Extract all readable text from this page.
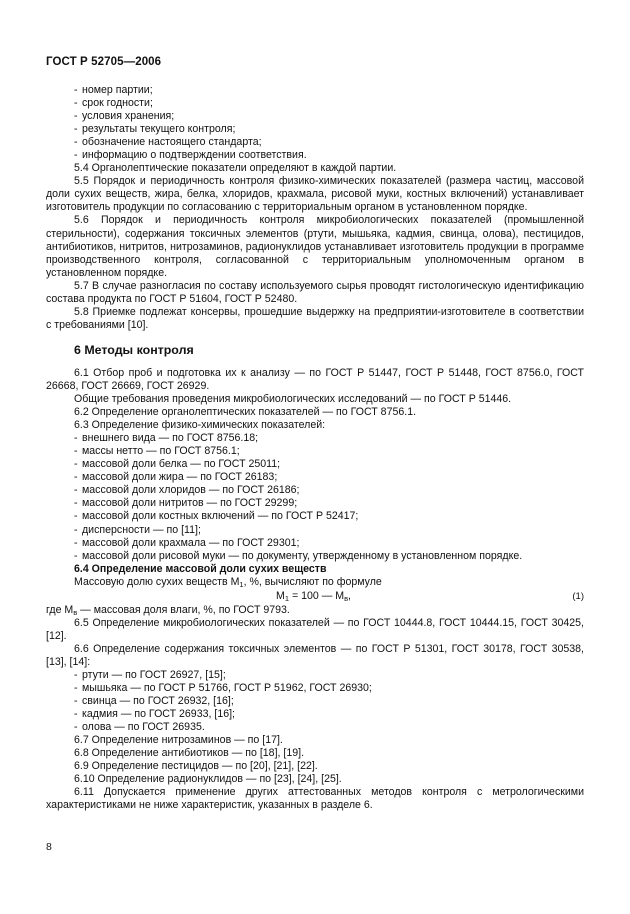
ГОСТ Р 52705—2006
- номер партии;
- срок годности;
- условия хранения;
- результаты текущего контроля;
- обозначение настоящего стандарта;
- информацию о подтверждении соответствия.

5.4 Органолептические показатели определяют в каждой партии.

5.5 Порядок и периодичность контроля физико-химических показателей (размера частиц, массовой доли сухих веществ, жира, белка, хлоридов, крахмала, рисовой муки, костных включений) устанавливает изготовитель продукции по согласованию с территориальным органом в установленном порядке.

5.6 Порядок и периодичность контроля микробиологических показателей (промышленной стерильности), содержания токсичных элементов (ртути, мышьяка, кадмия, свинца, олова), пестицидов, антибиотиков, нитритов, нитрозаминов, радионуклидов устанавливает изготовитель продукции в программе производственного контроля, согласованной с территориальным уполномоченным органом в установленном порядке.

5.7 В случае разногласия по составу используемого сырья проводят гистологическую идентификацию состава продукта по ГОСТ Р 51604, ГОСТ Р 52480.

5.8 Приемке подлежат консервы, прошедшие выдержку на предприятии-изготовителе в соответствии с требованиями [10].

6 Методы контроля

6.1 Отбор проб и подготовка их к анализу — по ГОСТ Р 51447, ГОСТ Р 51448, ГОСТ 8756.0, ГОСТ 26668, ГОСТ 26669, ГОСТ 26929.

Общие требования проведения микробиологических исследований — по ГОСТ Р 51446.

6.2 Определение органолептических показателей — по ГОСТ 8756.1.

6.3 Определение физико-химических показателей:

- внешнего вида — по ГОСТ 8756.18;
- массы нетто — по ГОСТ 8756.1;
- массовой доли белка — по ГОСТ 25011;
- массовой доли жира — по ГОСТ 26183;
- массовой доли хлоридов — по ГОСТ 26186;
- массовой доли нитритов — по ГОСТ 29299;
- массовой доли костных включений — по ГОСТ Р 52417;
- дисперсности — по [11];
- массовой доли крахмала — по ГОСТ 29301;
- массовой доли рисовой муки — по документу, утвержденному в установленном порядке.

6.4 Определение массовой доли сухих веществ

Массовую долю сухих веществ $М_1$, %, вычисляют по формуле

$М_1 = 100$ — $М_в$,	(1)

где $М_в$ — массовая доля влаги, %, по ГОСТ 9793.

6.5 Определение микробиологических показателей — по ГОСТ 10444.8, ГОСТ 10444.15, ГОСТ 30425, [12].

6.6 Определение содержания токсичных элементов — по ГОСТ Р 51301, ГОСТ 30178, ГОСТ 30538, [13], [14]:

- ртути — по ГОСТ 26927, [15];
- мышьяка — по ГОСТ Р 51766, ГОСТ Р 51962, ГОСТ 26930;
- свинца — по ГОСТ 26932, [16];
- кадмия — по ГОСТ 26933, [16];
- олова — по ГОСТ 26935.

6.7 Определение нитрозаминов — по [17].

6.8 Определение антибиотиков — по [18], [19].

6.9 Определение пестицидов — по [20], [21], [22].

6.10 Определение радионуклидов — по [23], [24], [25].

6.11 Допускается применение других аттестованных методов контроля с метрологическими характеристиками не ниже характеристик, указанных в разделе 6.

8
